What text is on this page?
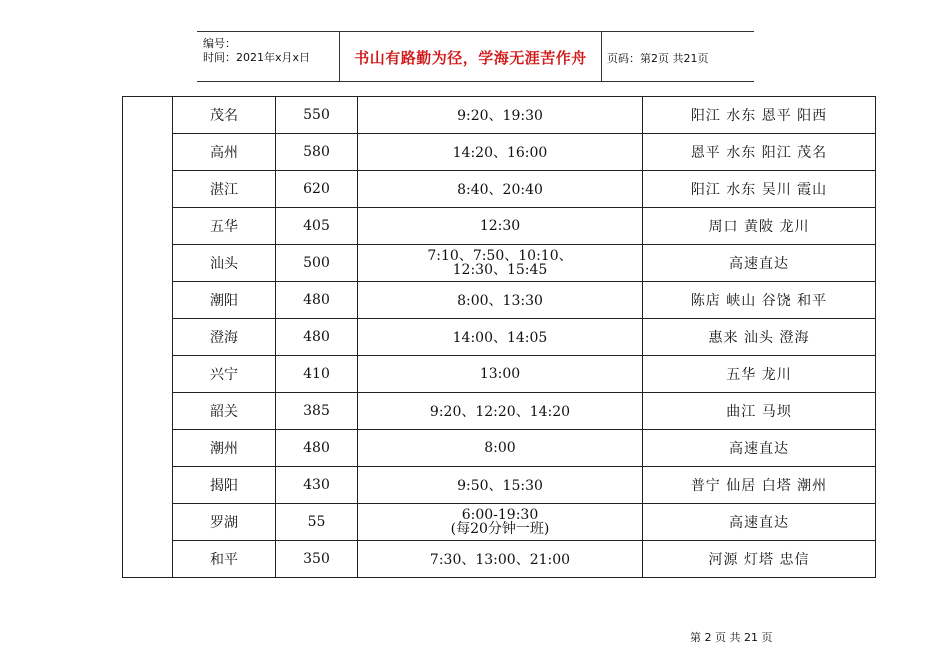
编号：
时间：2021年x月x日	书山有路勤为径，学海无涯苦作舟	页码：第2页 共21页
	茂名	550	9:20、19:30	阳江 水东 恩平 阳西
	高州	580	14:20、16:00	恩平 水东 阳江 茂名
	湛江	620	8:40、20:40	阳江 水东 吴川 霞山
	五华	405	12:30	周口 黄陂 龙川
	汕头	500	7:10、7:50、10:10、
12:30、15:45	高速直达
	潮阳	480	8:00、13:30	陈店 峡山 谷饶 和平
	澄海	480	14:00、14:05	惠来 汕头 澄海
	兴宁	410	13:00	五华 龙川
	韶关	385	9:20、12:20、14:20	曲江 马坝
	潮州	480	8:00	高速直达
	揭阳	430	9:50、15:30	普宁 仙居 白塔 潮州
	罗湖	55	6:00-19:30
(每20分钟一班)	高速直达
	和平	350	7:30、13:00、21:00	河源 灯塔 忠信
第 2 页 共 21 页
